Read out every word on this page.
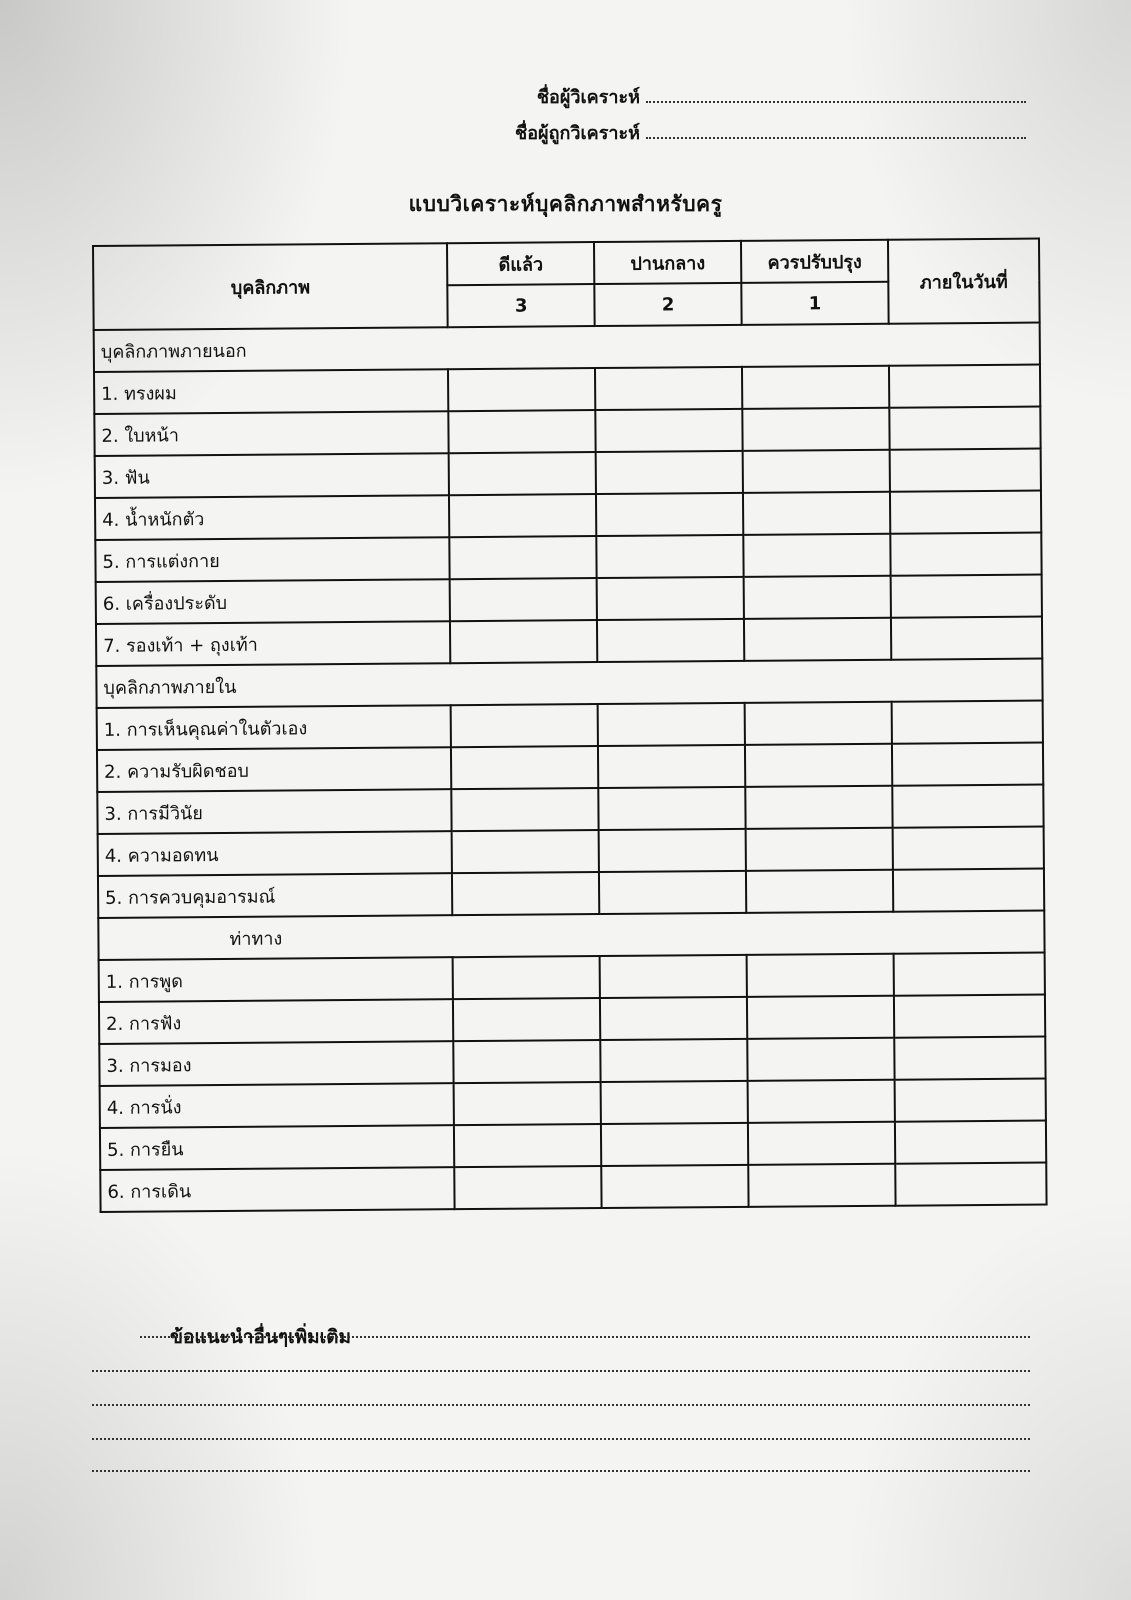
ชื่อผู้วิเคราะห์
ชื่อผู้ถูกวิเคราะห์
แบบวิเคราะห์บุคลิกภาพสำหรับครู
บุคลิกภาพ	ดีแล้ว	ปานกลาง	ควรปรับปรุง	ภายในวันที่
	3	2	1	
บุคลิกภาพภายนอก				
1. ทรงผม				
2. ใบหน้า				
3. ฟัน				
4. น้ำหนักตัว				
5. การแต่งกาย				
6. เครื่องประดับ				
7. รองเท้า + ถุงเท้า				
บุคลิกภาพภายใน				
1. การเห็นคุณค่าในตัวเอง				
2. ความรับผิดชอบ				
3. การมีวินัย				
4. ความอดทน				
5. การควบคุมอารมณ์				
ท่าทาง				
1. การพูด				
2. การฟัง				
3. การมอง				
4. การนั่ง				
5. การยืน				
6. การเดิน				
ข้อแนะนำอื่นๆเพิ่มเติม
